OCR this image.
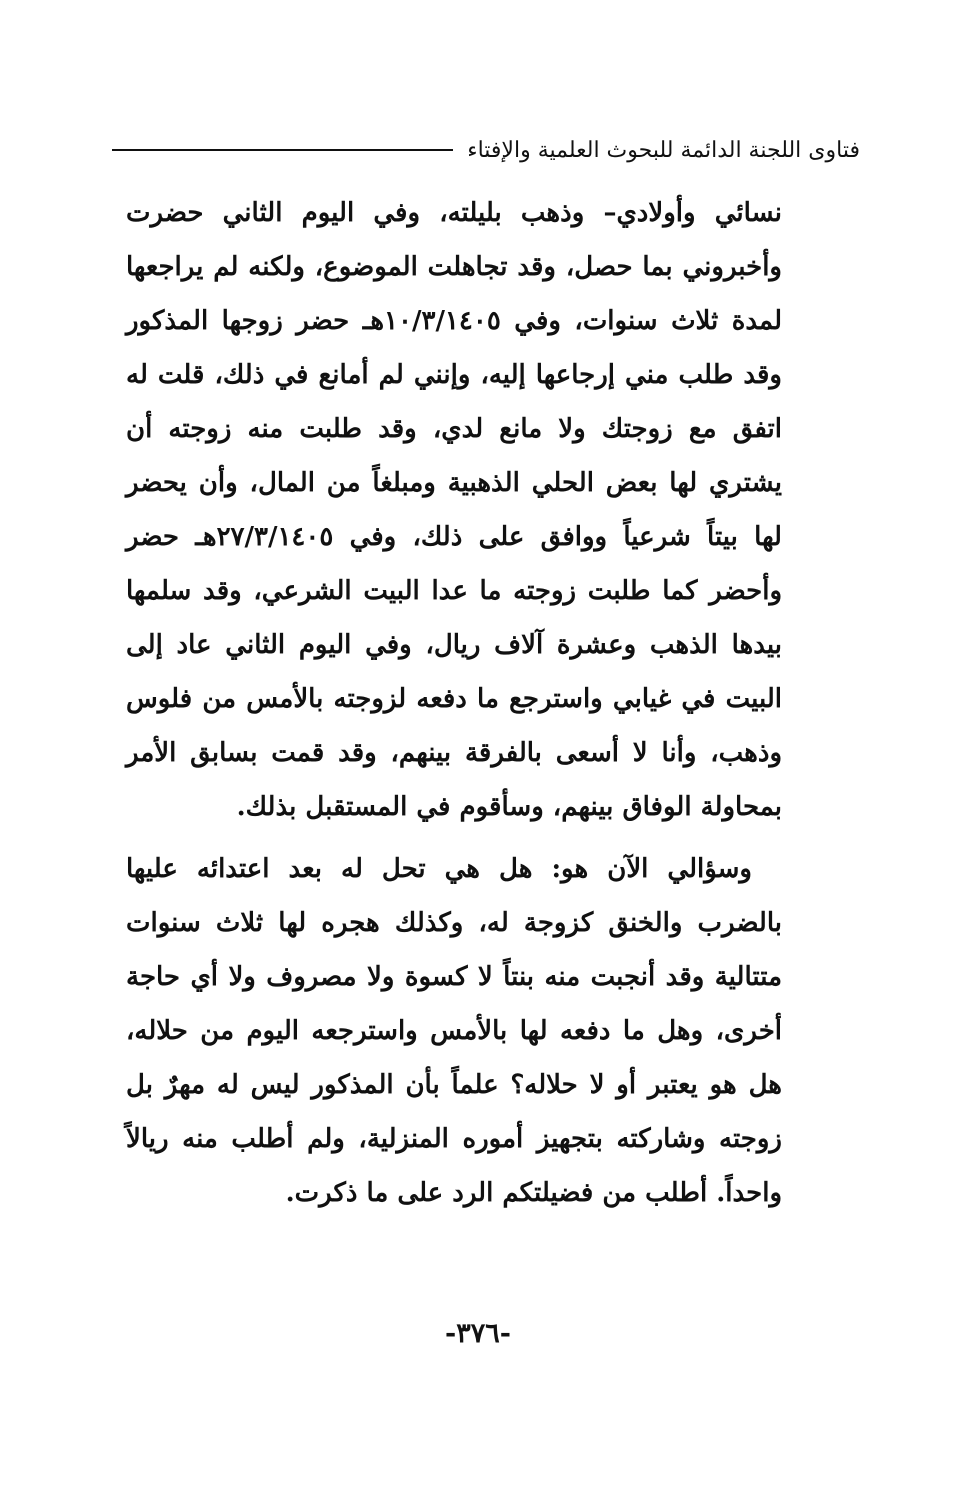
فتاوى اللجنة الدائمة للبحوث العلمية والإفتاء

نسائي وأولادي– وذهب بليلته، وفي اليوم الثاني حضرت وأخبروني بما حصل، وقد تجاهلت الموضوع، ولكنه لم يراجعها لمدة ثلاث سنوات، وفي ١٠/٣/١٤٠٥هـ حضر زوجها المذكور وقد طلب مني إرجاعها إليه، وإنني لم أمانع في ذلك، قلت له اتفق مع زوجتك ولا مانع لدي، وقد طلبت منه زوجته أن يشتري لها بعض الحلي الذهبية ومبلغاً من المال، وأن يحضر لها بيتاً شرعياً ووافق على ذلك، وفي ٢٧/٣/١٤٠٥هـ حضر وأحضر كما طلبت زوجته ما عدا البيت الشرعي، وقد سلمها بيدها الذهب وعشرة آلاف ريال، وفي اليوم الثاني عاد إلى البيت في غيابي واسترجع ما دفعه لزوجته بالأمس من فلوس وذهب، وأنا لا أسعى بالفرقة بينهم، وقد قمت بسابق الأمر بمحاولة الوفاق بينهم، وسأقوم في المستقبل بذلك.

وسؤالي الآن هو: هل هي تحل له بعد اعتدائه عليها بالضرب والخنق كزوجة له، وكذلك هجره لها ثلاث سنوات متتالية وقد أنجبت منه بنتاً لا كسوة ولا مصروف ولا أي حاجة أخرى، وهل ما دفعه لها بالأمس واسترجعه اليوم من حلاله، هل هو يعتبر أو لا حلاله؟ علماً بأن المذكور ليس له مهرٌ بل زوجته وشاركته بتجهيز أموره المنزلية، ولم أطلب منه ريالاً واحداً. أطلب من فضيلتكم الرد على ما ذكرت.

-٣٧٦-
